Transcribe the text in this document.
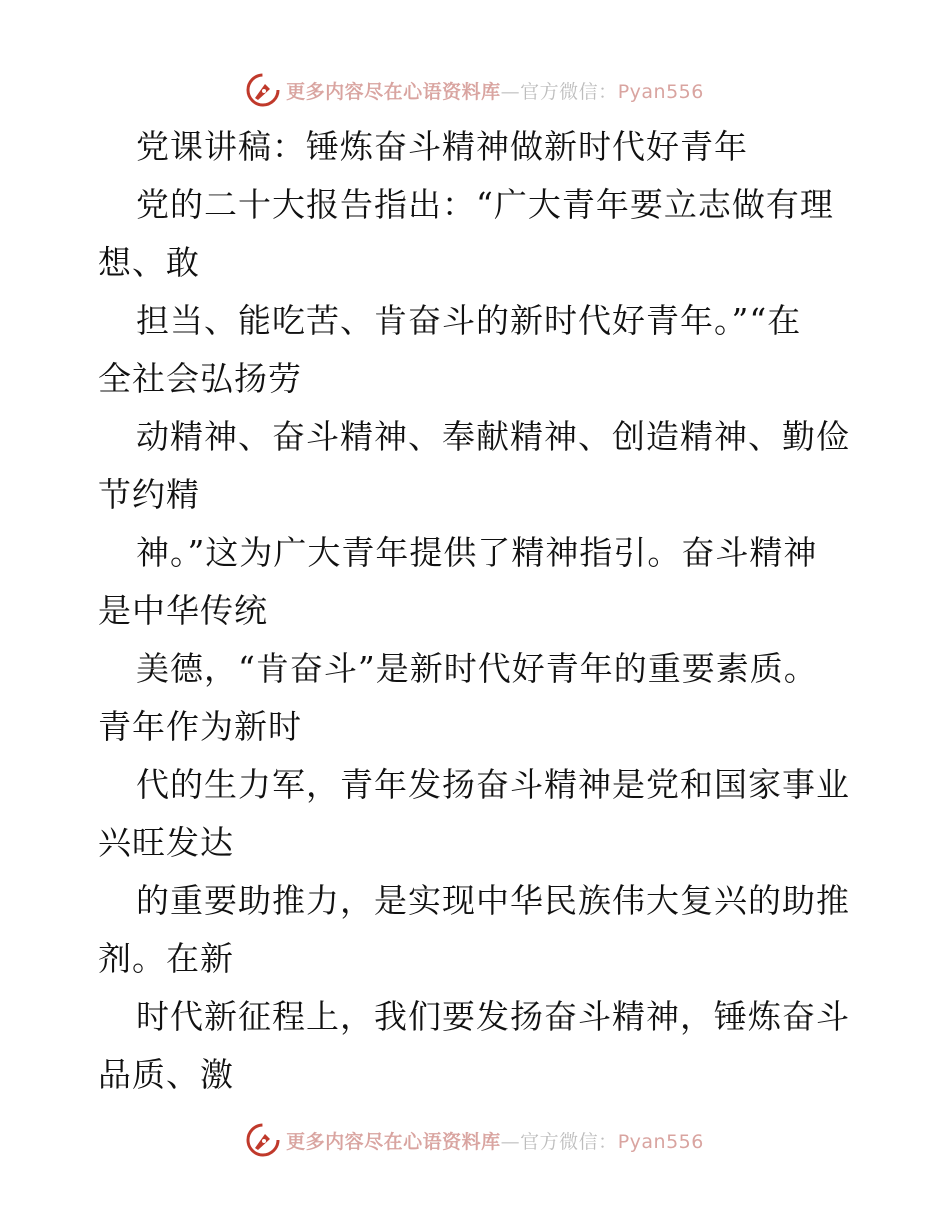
更多内容尽在心语资料库—官方微信：Pyan556
党课讲稿：锤炼奋斗精神做新时代好青年
党的二十大报告指出：“广大青年要立志做有理
想、敢
担当、能吃苦、肯奋斗的新时代好青年。”“在
全社会弘扬劳
动精神、奋斗精神、奉献精神、创造精神、勤俭
节约精
神。”这为广大青年提供了精神指引。奋斗精神
是中华传统
美德，“肯奋斗”是新时代好青年的重要素质。
青年作为新时
代的生力军，青年发扬奋斗精神是党和国家事业
兴旺发达
的重要助推力，是实现中华民族伟大复兴的助推
剂。在新
时代新征程上，我们要发扬奋斗精神，锤炼奋斗
品质、激
更多内容尽在心语资料库—官方微信：Pyan556
